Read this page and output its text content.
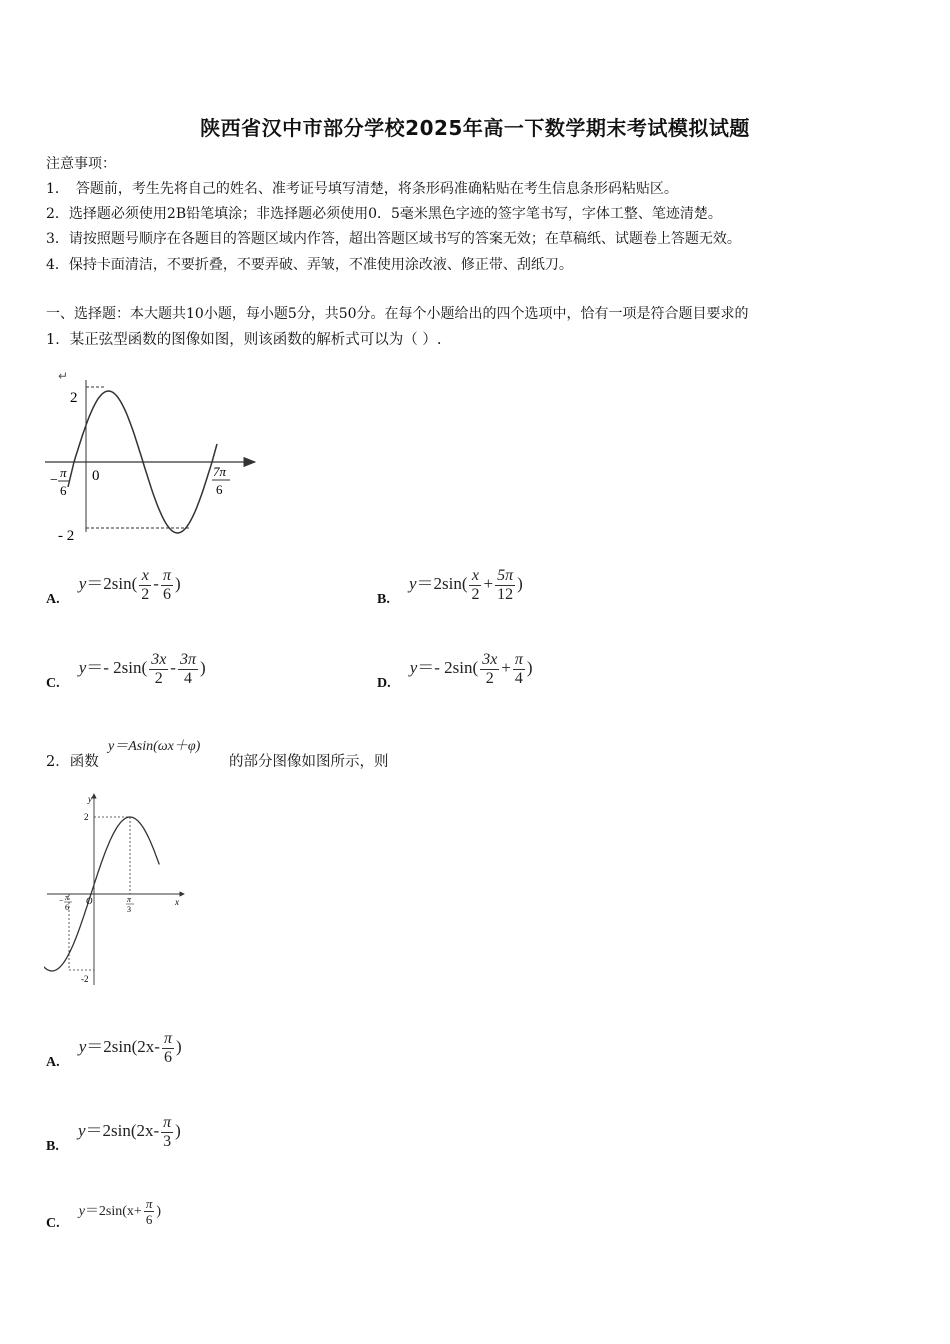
陕西省汉中市部分学校2025年高一下数学期末考试模拟试题
注意事项：
1．　答题前，考生先将自己的姓名、准考证号填写清楚，将条形码准确粘贴在考生信息条形码粘贴区。
2．选择题必须使用2B铅笔填涂；非选择题必须使用0．5毫米黑色字迹的签字笔书写，字体工整、笔迹清楚。
3．请按照题号顺序在各题目的答题区域内作答，超出答题区域书写的答案无效；在草稿纸、试题卷上答题无效。
4．保持卡面清洁，不要折叠，不要弄破、弄皱，不准使用涂改液、修正带、刮纸刀。
一、选择题：本大题共10小题，每小题5分，共50分。在每个小题给出的四个选项中，恰有一项是符合题目要求的
1．某正弦型函数的图像如图，则该函数的解析式可以为（ ）.
↵
2
- 2
0
−
π
6
7π
6
A. $y=2\sin( \frac{x}{2} - \frac{\pi}{6}$ )
B. $y=2\sin( \frac{x}{2} + \frac{5\pi}{12}$ )
C. y＝- $2\sin( \frac{3x}{2} - \frac{3\pi}{4}$ )
D. y＝- $2\sin( \frac{3x}{2} + \frac{\pi}{4}$ )
2．函数
y＝Asin(ωx＋φ)
的部分图像如图所示，则
y
x
2
-2
O
− π
6
π
3
A. $y=2\sin(2x- \frac{\pi}{6}$ )
B. $y=2\sin(2x- \frac{\pi}{3}$ )
C. $y=2\sin(x+ \frac{\pi}{6}$ )
